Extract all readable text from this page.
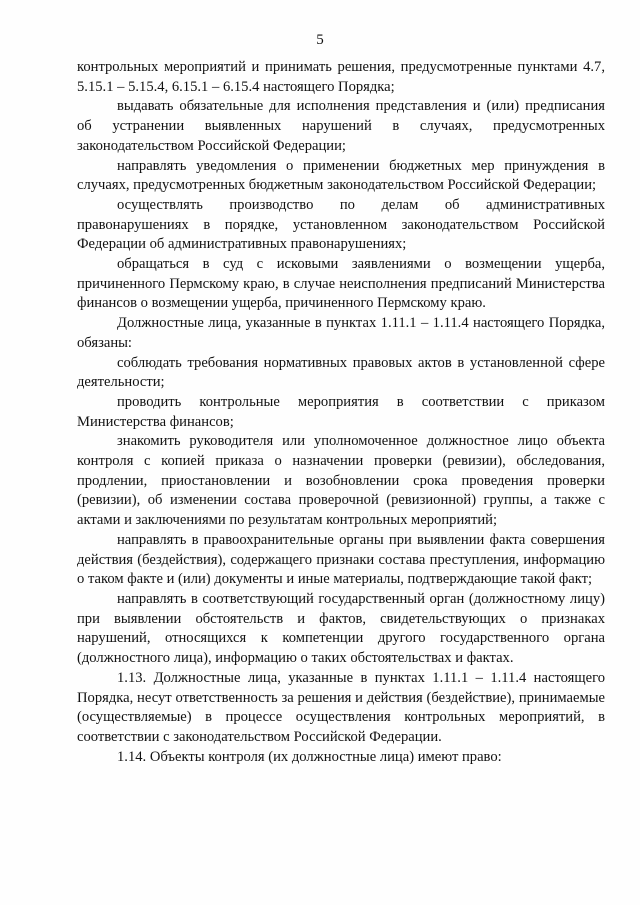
5

контрольных мероприятий и принимать решения, предусмотренные пунктами 4.7, 5.15.1 – 5.15.4, 6.15.1 – 6.15.4 настоящего Порядка;

выдавать обязательные для исполнения представления и (или) предписания об устранении выявленных нарушений в случаях, предусмотренных законодательством Российской Федерации;

направлять уведомления о применении бюджетных мер принуждения в случаях, предусмотренных бюджетным законодательством Российской Федерации;

осуществлять производство по делам об административных правонарушениях в порядке, установленном законодательством Российской Федерации об административных правонарушениях;

обращаться в суд с исковыми заявлениями о возмещении ущерба, причиненного Пермскому краю, в случае неисполнения предписаний Министерства финансов о возмещении ущерба, причиненного Пермскому краю.

Должностные лица, указанные в пунктах 1.11.1 – 1.11.4 настоящего Порядка, обязаны:

соблюдать требования нормативных правовых актов в установленной сфере деятельности;

проводить контрольные мероприятия в соответствии с приказом Министерства финансов;

знакомить руководителя или уполномоченное должностное лицо объекта контроля с копией приказа о назначении проверки (ревизии), обследования, продлении, приостановлении и возобновлении срока проведения проверки (ревизии), об изменении состава проверочной (ревизионной) группы, а также с актами и заключениями по результатам контрольных мероприятий;

направлять в правоохранительные органы при выявлении факта совершения действия (бездействия), содержащего признаки состава преступления, информацию о таком факте и (или) документы и иные материалы, подтверждающие такой факт;

направлять в соответствующий государственный орган (должностному лицу) при выявлении обстоятельств и фактов, свидетельствующих о признаках нарушений, относящихся к компетенции другого государственного органа (должностного лица), информацию о таких обстоятельствах и фактах.

1.13. Должностные лица, указанные в пунктах 1.11.1 – 1.11.4 настоящего Порядка, несут ответственность за решения и действия (бездействие), принимаемые (осуществляемые) в процессе осуществления контрольных мероприятий, в соответствии с законодательством Российской Федерации.

1.14. Объекты контроля (их должностные лица) имеют право:
